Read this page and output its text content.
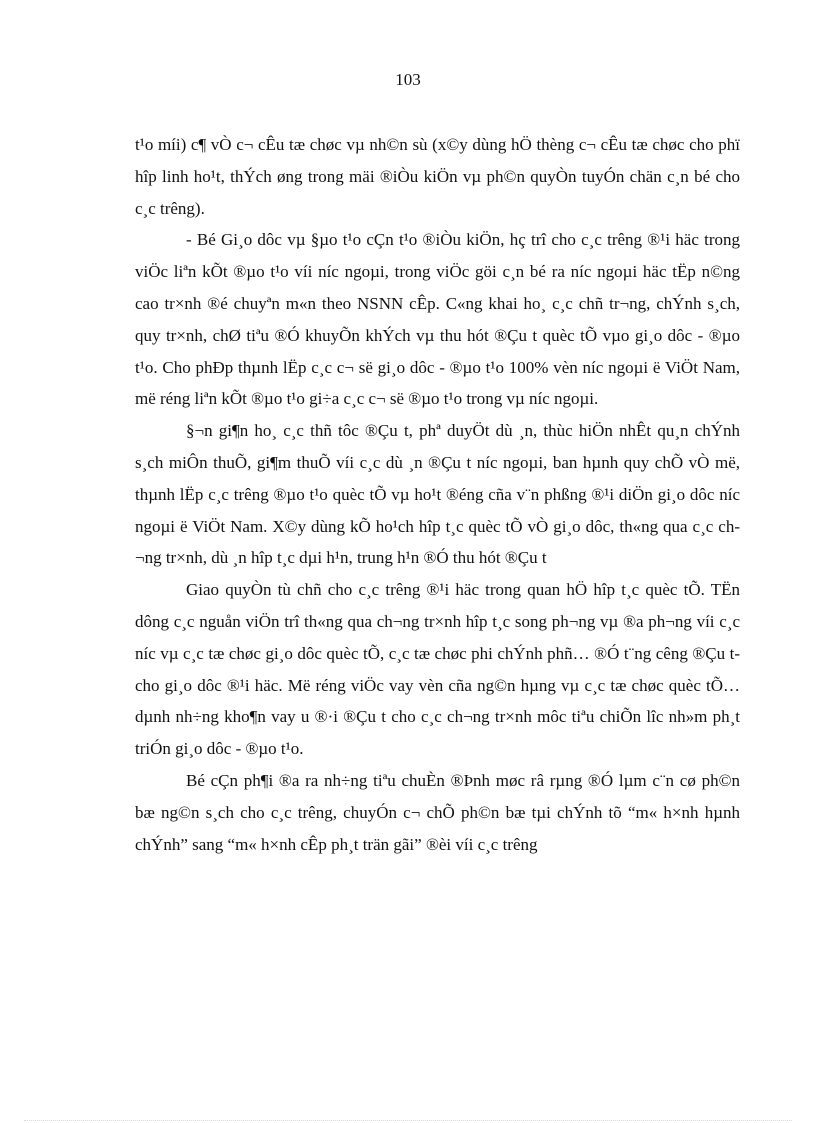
103

t¹o míi) c¶ vÒ c¬ cÊu tæ chøc vµ nh©n sù (x©y dùng hÖ thèng c¬ cÊu tæ chøc cho phï hîp linh ho¹t, thÝch øng trong mäi ®iÒu kiÖn vµ ph©n quyÒn tuyÓn chän c¸n bé cho c¸c trêng).

- Bé Gi¸o dôc vµ §µo t¹o cÇn t¹o ®iÒu kiÖn, hç trî cho c¸c trêng ®¹i häc trong viÖc liªn kÕt ®µo t¹o víi níc ngoµi, trong viÖc göi c¸n bé ra níc ngoµi häc tËp n©ng cao tr×nh ®é chuyªn m«n theo NSNN cÊp. C«ng khai ho¸ c¸c chñ tr¬ng, chÝnh s¸ch, quy tr×nh, chØ tiªu ®Ó khuyÕn khÝch vµ thu hót ®Çu t quèc tÕ vµo gi¸o dôc - ®µo t¹o. Cho phÐp thµnh lËp c¸c c¬ së gi¸o dôc - ®µo t¹o 100% vèn níc ngoµi ë ViÖt Nam, më réng liªn kÕt ®µo t¹o gi÷a c¸c c¬ së ®µo t¹o trong vµ níc ngoµi.

§¬n gi¶n ho¸ c¸c thñ tôc ®Çu t, phª duyÖt dù ¸n, thùc hiÖn nhÊt qu¸n chÝnh s¸ch miÔn thuÕ, gi¶m thuÕ víi c¸c dù ¸n ®Çu t níc ngoµi, ban hµnh quy chÕ vÒ më, thµnh lËp c¸c trêng ®µo t¹o quèc tÕ vµ ho¹t ®éng cña v¨n phßng ®¹i diÖn gi¸o dôc níc ngoµi ë ViÖt Nam. X©y dùng kÕ ho¹ch hîp t¸c quèc tÕ vÒ gi¸o dôc, th«ng qua c¸c ch¬ng tr×nh, dù ¸n hîp t¸c dµi h¹n, trung h¹n ®Ó thu hót ®Çu t

Giao quyÒn tù chñ cho c¸c trêng ®¹i häc trong quan hÖ hîp t¸c quèc tÕ. TËn dông c¸c nguån viÖn trî th«ng qua ch¬ng tr×nh hîp t¸c song ph¬ng vµ ®a ph¬ng víi c¸c níc vµ c¸c tæ chøc gi¸o dôc quèc tÕ, c¸c tæ chøc phi chÝnh phñ… ®Ó t¨ng cêng ®Çu t cho gi¸o dôc ®¹i häc. Më réng viÖc vay vèn cña ng©n hµng vµ c¸c tæ chøc quèc tÕ… dµnh nh÷ng kho¶n vay u ®·i ®Çu t cho c¸c ch¬ng tr×nh môc tiªu chiÕn lîc nh»m ph¸t triÓn gi¸o dôc - ®µo t¹o.

Bé cÇn ph¶i ®a ra nh÷ng tiªu chuÈn ®Þnh møc râ rµng ®Ó lµm c¨n cø ph©n bæ ng©n s¸ch cho c¸c trêng, chuyÓn c¬ chÕ ph©n bæ tµi chÝnh tõ “m« h×nh hµnh chÝnh” sang “m« h×nh cÊp ph¸t trän gãi” ®èi víi c¸c trêng
